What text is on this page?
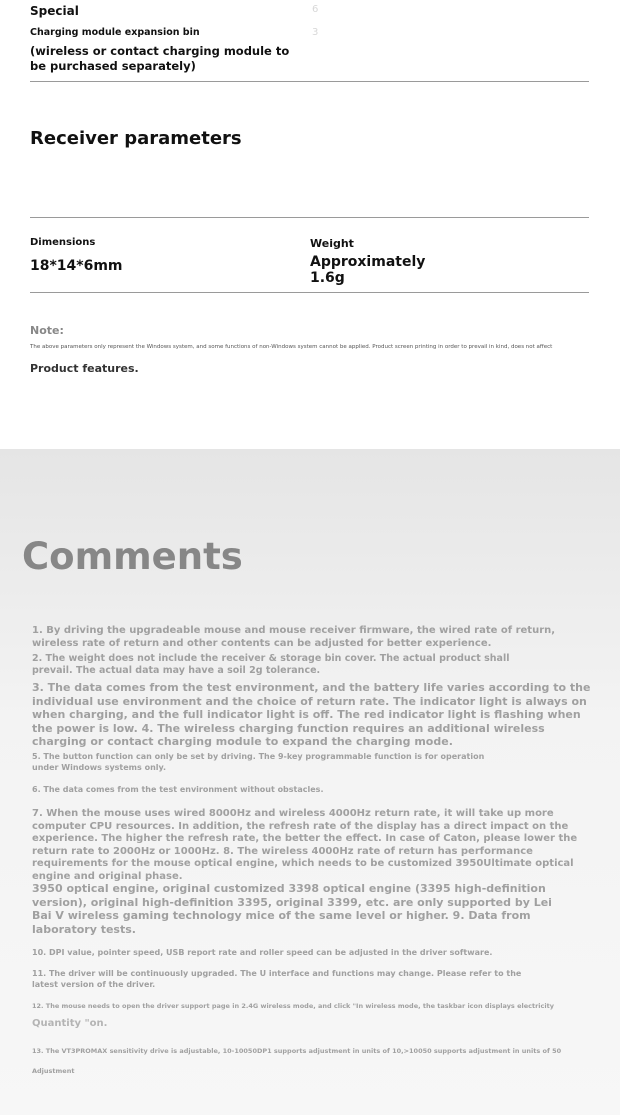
Special	6
Charging module expansion bin	3
(wireless or contact charging module to be purchased separately)
Receiver parameters
Dimensions
18*14*6mm
Weight
Approximately 1.6g
Note:
The above parameters only represent the Windows system, and some functions of non-Windows system cannot be applied. Product screen printing in order to prevail in kind, does not affect
Product features.
Comments
1. By driving the upgradeable mouse and mouse receiver firmware, the wired rate of return, wireless rate of return and other contents can be adjusted for better experience.
2. The weight does not include the receiver & storage bin cover. The actual product shall prevail. The actual data may have a soil 2g tolerance.
3. The data comes from the test environment, and the battery life varies according to the individual use environment and the choice of return rate. The indicator light is always on when charging, and the full indicator light is off. The red indicator light is flashing when the power is low. 4. The wireless charging function requires an additional wireless charging or contact charging module to expand the charging mode.
5. The button function can only be set by driving. The 9-key programmable function is for operation under Windows systems only.
6. The data comes from the test environment without obstacles.
7. When the mouse uses wired 8000Hz and wireless 4000Hz return rate, it will take up more computer CPU resources. In addition, the refresh rate of the display has a direct impact on the experience. The higher the refresh rate, the better the effect. In case of Caton, please lower the return rate to 2000Hz or 1000Hz. 8. The wireless 4000Hz rate of return has performance requirements for the mouse optical engine, which needs to be customized 3950Ultimate optical engine and original phase.
3950 optical engine, original customized 3398 optical engine (3395 high-definition version), original high-definition 3395, original 3399, etc. are only supported by Lei Bai V wireless gaming technology mice of the same level or higher. 9. Data from laboratory tests.
10. DPI value, pointer speed, USB report rate and roller speed can be adjusted in the driver software.
11. The driver will be continuously upgraded. The U interface and functions may change. Please refer to the latest version of the driver.
12. The mouse needs to open the driver support page in 2.4G wireless mode, and click "In wireless mode, the taskbar icon displays electricity
Quantity "on.
13. The VT3PROMAX sensitivity drive is adjustable, 10-10050DP1 supports adjustment in units of 10,>10050 supports adjustment in units of 50
Adjustment
